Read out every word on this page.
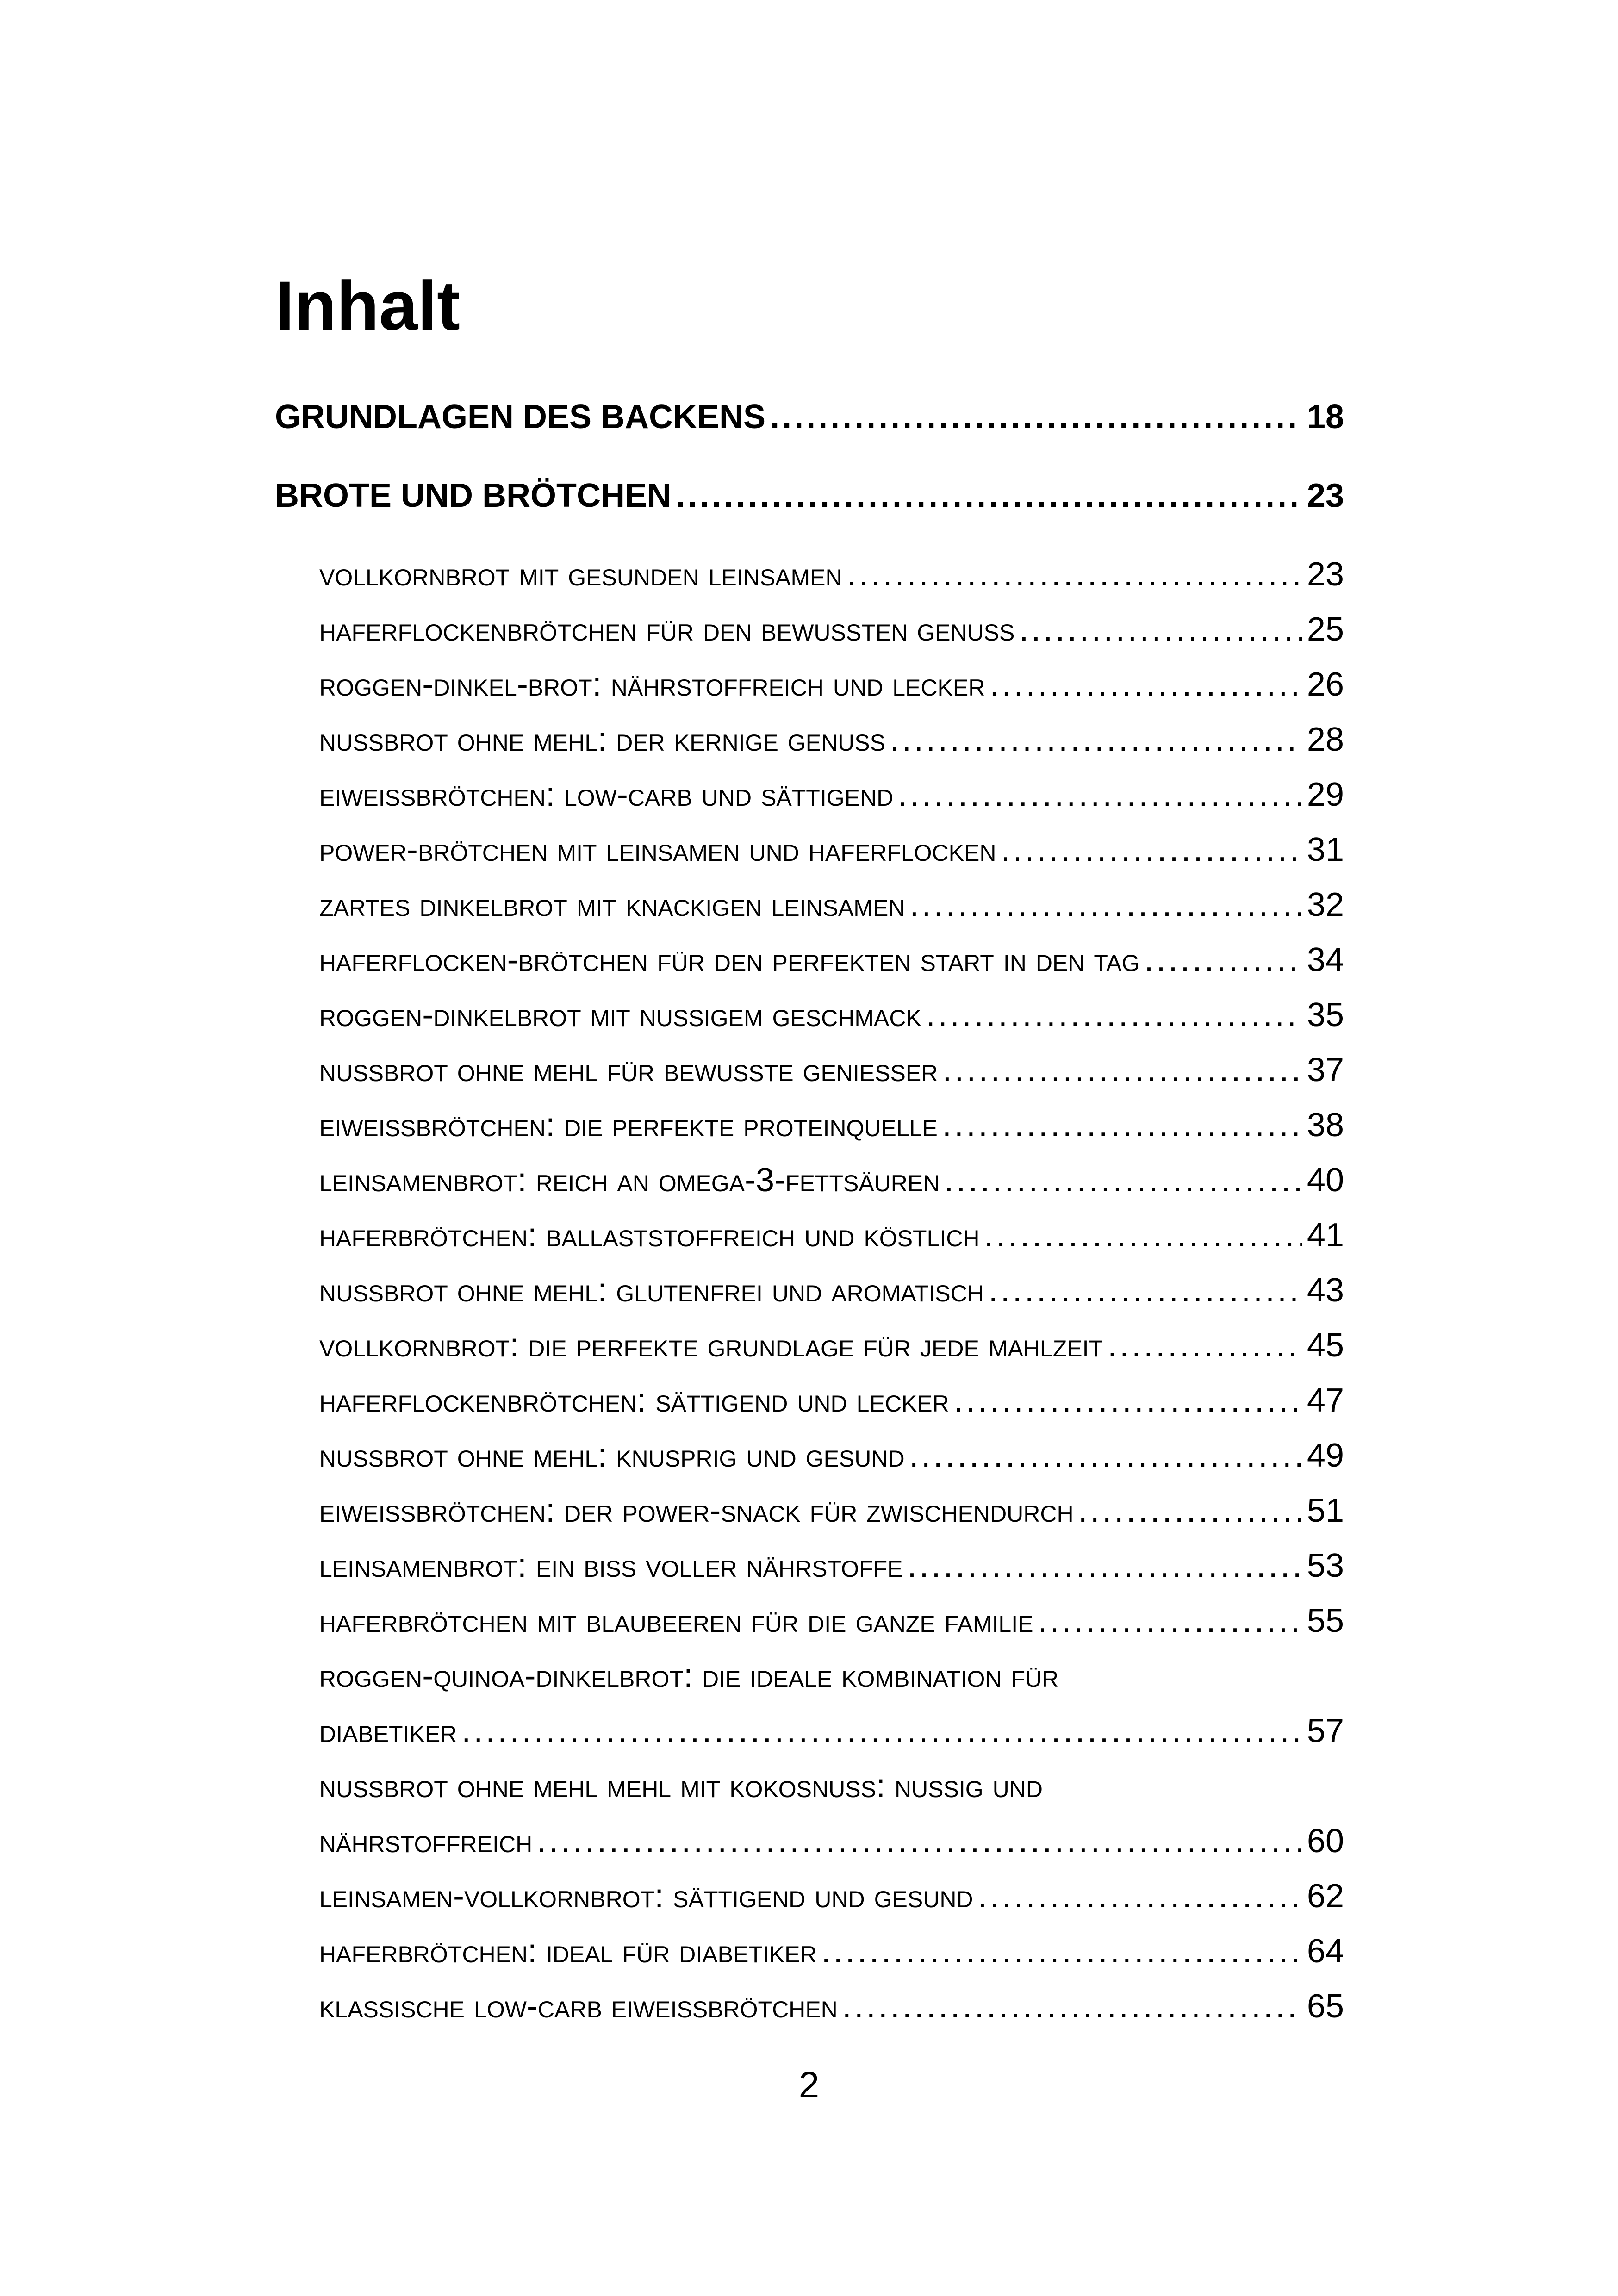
Inhalt
GRUNDLAGEN DES BACKENS .....	18
BROTE UND BRÖTCHEN .....	23
vollkornbrot mit gesunden leinsamen .....	23
haferflockenbrötchen für den bewussten genuss .....	25
roggen-dinkel-brot: nährstoffreich und lecker .....	26
nussbrot ohne mehl: der kernige genuss .....	28
eiweißbrötchen: low-carb und sättigend .....	29
power-brötchen mit leinsamen und haferflocken .....	31
zartes dinkelbrot mit knackigen leinsamen .....	32
haferflocken-brötchen für den perfekten start in den tag .....	34
roggen-dinkelbrot mit nussigem geschmack .....	35
nussbrot ohne mehl für bewusste genießer .....	37
eiweißbrötchen: die perfekte proteinquelle .....	38
leinsamenbrot: reich an omega-3-fettsäuren .....	40
haferbrötchen: ballaststoffreich und köstlich .....	41
nussbrot ohne mehl: glutenfrei und aromatisch .....	43
vollkornbrot: die perfekte grundlage für jede mahlzeit .....	45
haferflockenbrötchen: sättigend und lecker .....	47
nussbrot ohne mehl: knusprig und gesund .....	49
eiweißbrötchen: der power-snack für zwischendurch .....	51
leinsamenbrot: ein biss voller nährstoffe .....	53
haferbrötchen mit blaubeeren für die ganze familie .....	55
roggen-quinoa-dinkelbrot: die ideale kombination für
diabetiker .....	57
nussbrot ohne mehl mehl mit kokosnuss: nussig und
nährstoffreich .....	60
leinsamen-vollkornbrot: sättigend und gesund .....	62
haferbrötchen: ideal für diabetiker .....	64
klassische low-carb eiweißbrötchen .....	65
2
